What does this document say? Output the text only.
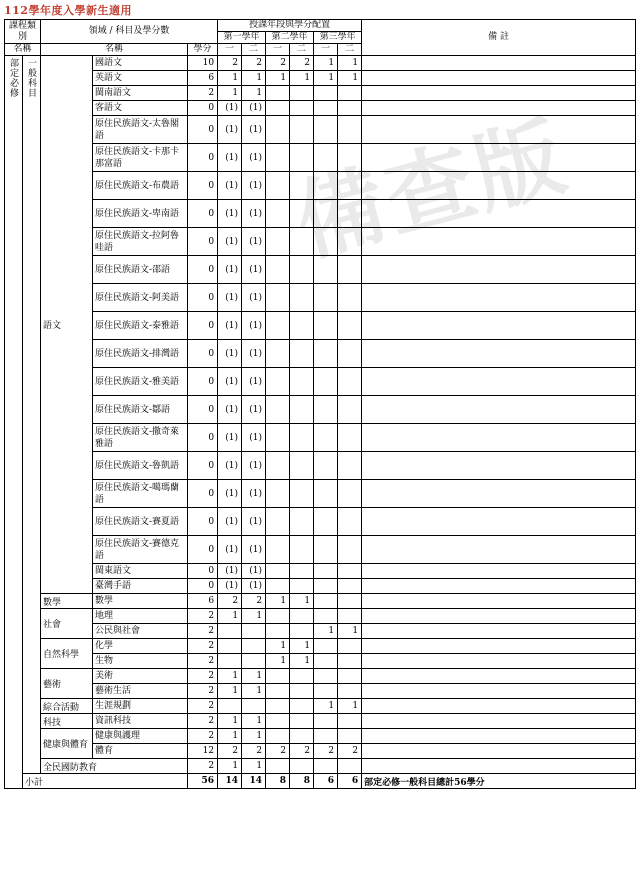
112學年度入學新生適用
備查版
課程類別		領域 / 科目及學分數			授課年段與學分配置						備 註
					第一學年		第二學年		第三學年		
					一	二	一	二	一	二	
名稱		名稱		學分							
部定必修	一般科目	語文	國語文	10	2	2	2	2	1	1	
			英語文	6	1	1	1	1	1	1	
			閩南語文	2	1	1					
			客語文	0	(1)	(1)					
			原住民族語文-太魯閣語	0	(1)	(1)					
			原住民族語文-卡那卡那富語	0	(1)	(1)					
			原住民族語文-布農語	0	(1)	(1)					
			原住民族語文-卑南語	0	(1)	(1)					
			原住民族語文-拉阿魯哇語	0	(1)	(1)					
			原住民族語文-邵語	0	(1)	(1)					
			原住民族語文-阿美語	0	(1)	(1)					
			原住民族語文-泰雅語	0	(1)	(1)					
			原住民族語文-排灣語	0	(1)	(1)					
			原住民族語文-雅美語	0	(1)	(1)					
			原住民族語文-鄒語	0	(1)	(1)					
			原住民族語文-撒奇萊雅語	0	(1)	(1)					
			原住民族語文-魯凱語	0	(1)	(1)					
			原住民族語文-噶瑪蘭語	0	(1)	(1)					
			原住民族語文-賽夏語	0	(1)	(1)					
			原住民族語文-賽德克語	0	(1)	(1)					
			閩東語文	0	(1)	(1)					
			臺灣手語	0	(1)	(1)					
		數學	數學	6	2	2	1	1			
		社會	地理	2	1	1					
			公民與社會	2					1	1	
		自然科學	化學	2			1	1			
			生物	2			1	1			
		藝術	美術	2	1	1					
			藝術生活	2	1	1					
		綜合活動	生涯規劃	2					1	1	
		科技	資訊科技	2	1	1					
		健康與體育	健康與護理	2	1	1					
			體育	12	2	2	2	2	2	2	
		全民國防教育		2	1	1					
	小計			56	14	14	8	8	6	6	部定必修一般科目總計56學分
